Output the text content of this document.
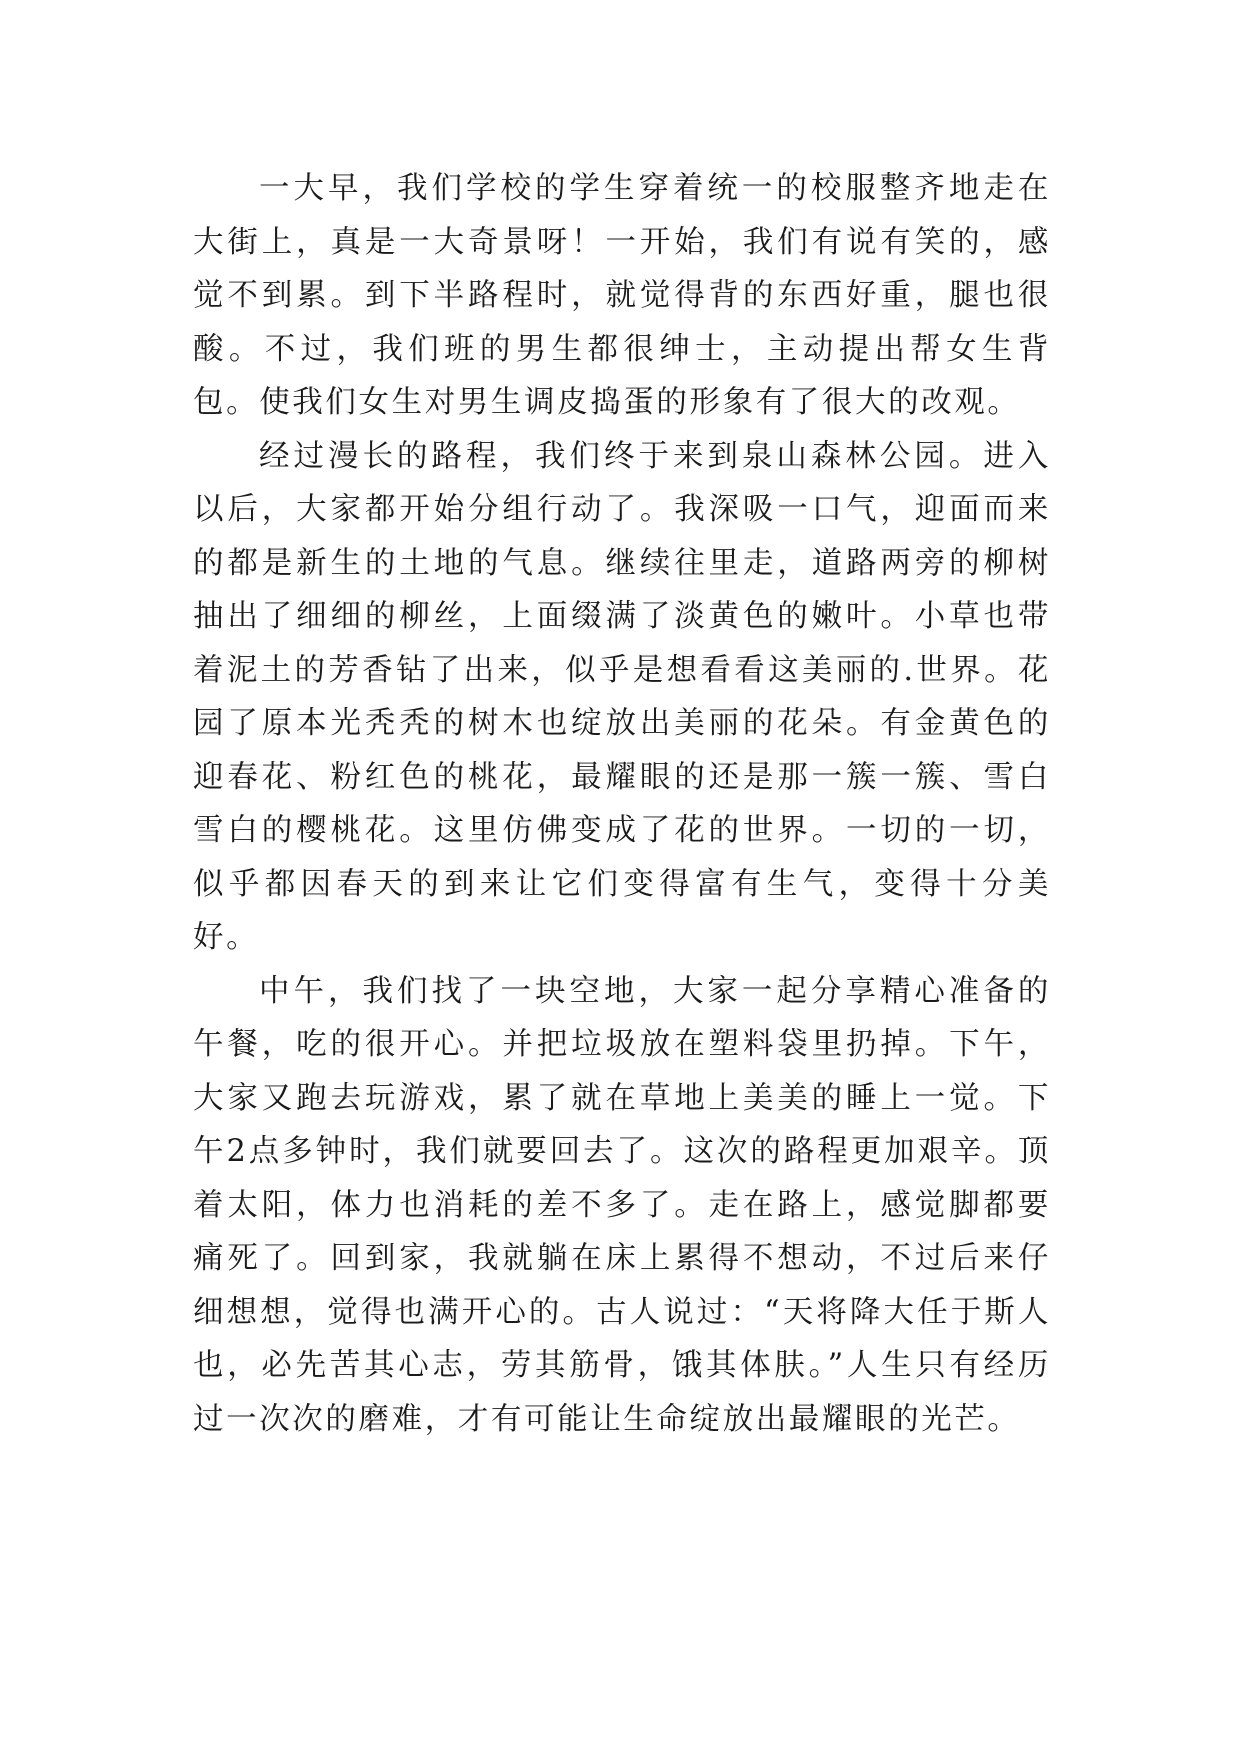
一大早，我们学校的学生穿着统一的校服整齐地走在大街上，真是一大奇景呀！一开始，我们有说有笑的，感觉不到累。到下半路程时，就觉得背的东西好重，腿也很酸。不过，我们班的男生都很绅士，主动提出帮女生背包。使我们女生对男生调皮捣蛋的形象有了很大的改观。

经过漫长的路程，我们终于来到泉山森林公园。进入以后，大家都开始分组行动了。我深吸一口气，迎面而来的都是新生的土地的气息。继续往里走，道路两旁的柳树抽出了细细的柳丝，上面缀满了淡黄色的嫩叶。小草也带着泥土的芳香钻了出来，似乎是想看看这美丽的.世界。花园了原本光秃秃的树木也绽放出美丽的花朵。有金黄色的迎春花、粉红色的桃花，最耀眼的还是那一簇一簇、雪白雪白的樱桃花。这里仿佛变成了花的世界。一切的一切，似乎都因春天的到来让它们变得富有生气，变得十分美好。

中午，我们找了一块空地，大家一起分享精心准备的午餐，吃的很开心。并把垃圾放在塑料袋里扔掉。下午，大家又跑去玩游戏，累了就在草地上美美的睡上一觉。下午2点多钟时，我们就要回去了。这次的路程更加艰辛。顶着太阳，体力也消耗的差不多了。走在路上，感觉脚都要痛死了。回到家，我就躺在床上累得不想动，不过后来仔细想想，觉得也满开心的。古人说过：“天将降大任于斯人也，必先苦其心志，劳其筋骨，饿其体肤。”人生只有经历过一次次的磨难，才有可能让生命绽放出最耀眼的光芒。
